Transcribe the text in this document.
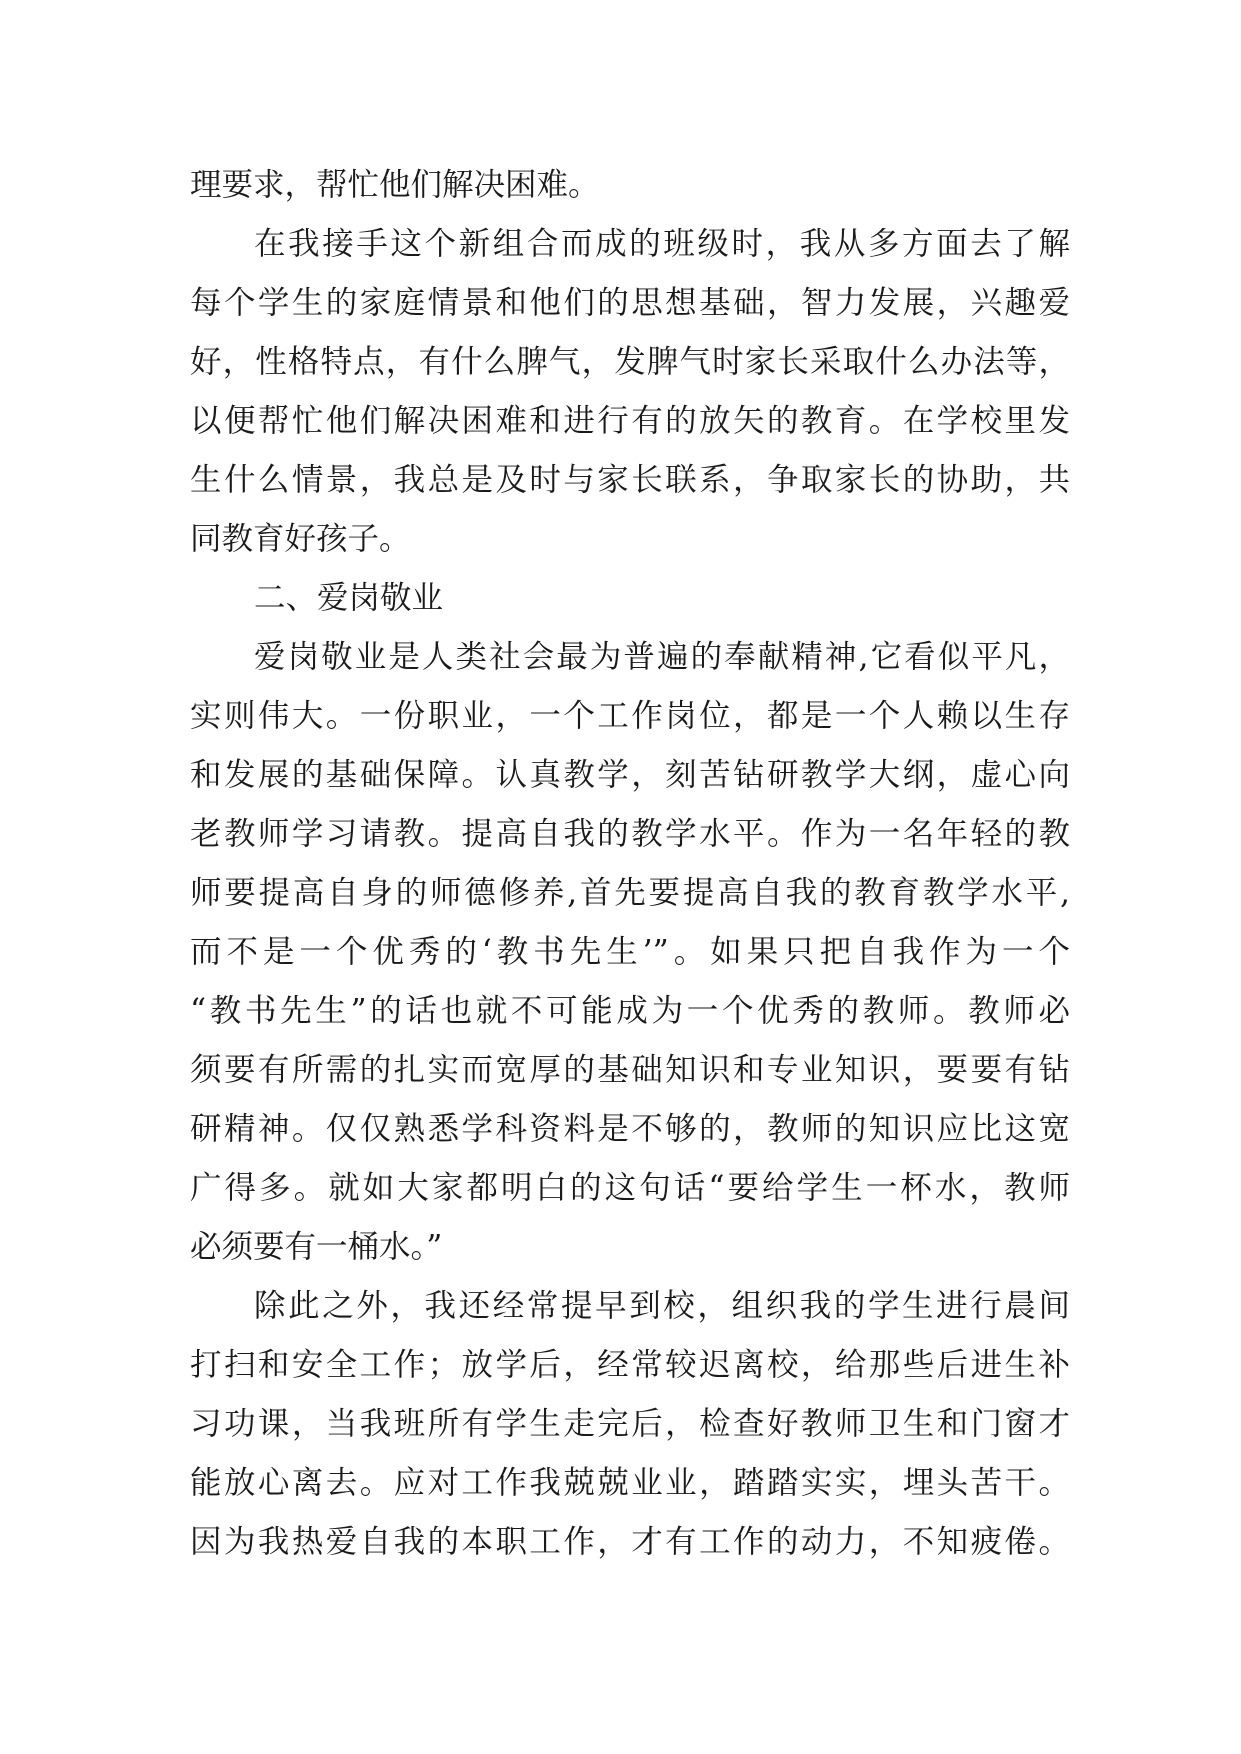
理要求，帮忙他们解决困难。
在我接手这个新组合而成的班级时，我从多方面去了解
每个学生的家庭情景和他们的思想基础，智力发展，兴趣爱
好，性格特点，有什么脾气，发脾气时家长采取什么办法等，
以便帮忙他们解决困难和进行有的放矢的教育。在学校里发
生什么情景，我总是及时与家长联系，争取家长的协助，共
同教育好孩子。
二、爱岗敬业
爱岗敬业是人类社会最为普遍的奉献精神,它看似平凡，
实则伟大。一份职业，一个工作岗位，都是一个人赖以生存
和发展的基础保障。认真教学，刻苦钻研教学大纲，虚心向
老教师学习请教。提高自我的教学水平。作为一名年轻的教
师要提高自身的师德修养,首先要提高自我的教育教学水平,
而不是一个优秀的‘教书先生’”。如果只把自我作为一个
“教书先生”的话也就不可能成为一个优秀的教师。教师必
须要有所需的扎实而宽厚的基础知识和专业知识，要要有钻
研精神。仅仅熟悉学科资料是不够的，教师的知识应比这宽
广得多。就如大家都明白的这句话“要给学生一杯水，教师
必须要有一桶水。”
除此之外，我还经常提早到校，组织我的学生进行晨间
打扫和安全工作；放学后，经常较迟离校，给那些后进生补
习功课，当我班所有学生走完后，检查好教师卫生和门窗才
能放心离去。应对工作我兢兢业业，踏踏实实，埋头苦干。
因为我热爱自我的本职工作，才有工作的动力，不知疲倦。
